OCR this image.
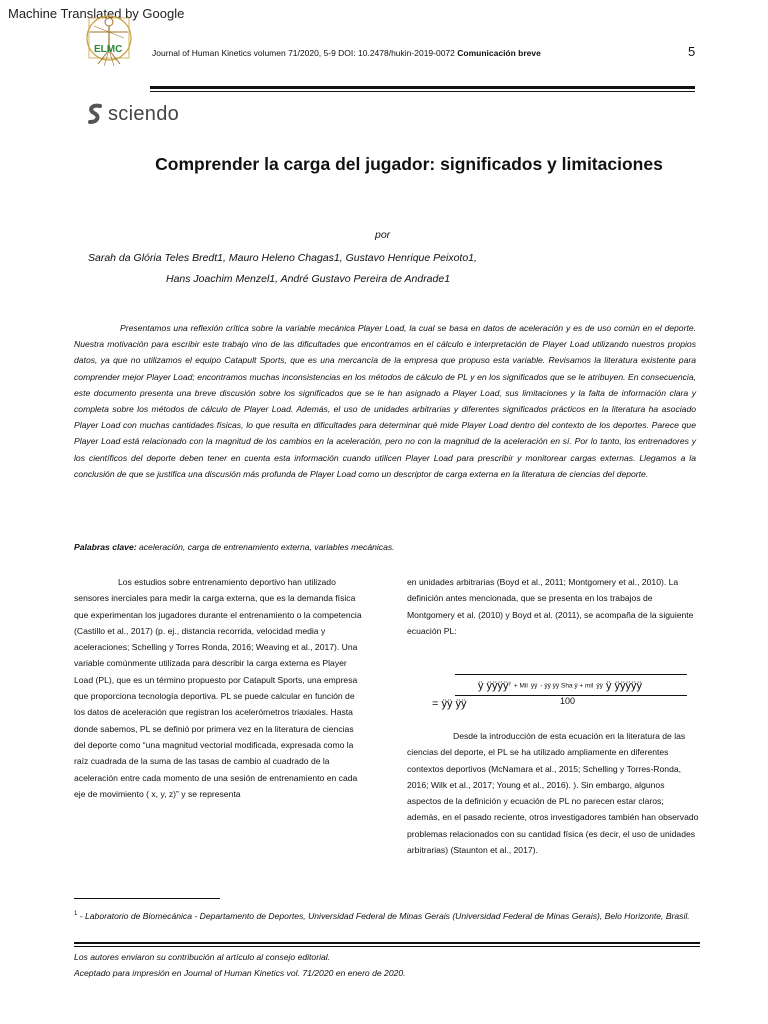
Machine Translated by Google
ELMC	Journal of Human Kinetics volumen 71/2020, 5-9 DOI: 10.2478/hukin-2019-0072 Comunicación breve	5
sciendo
Comprender la carga del jugador: significados y limitaciones
por
Sarah da Glória Teles Bredt1, Mauro Heleno Chagas1, Gustavo Henrique Peixoto1,
Hans Joachim Menzel1, André Gustavo Pereira de Andrade1
Presentamos una reflexión crítica sobre la variable mecánica Player Load, la cual se basa en datos de aceleración y es de uso común en el deporte. Nuestra motivación para escribir este trabajo vino de las dificultades que encontramos en el cálculo e interpretación de Player Load utilizando nuestros propios datos, ya que no utilizamos el equipo Catapult Sports, que es una mercancía de la empresa que propuso esta variable. Revisamos la literatura existente para comprender mejor Player Load; encontramos muchas inconsistencias en los métodos de cálculo de PL y en los significados que se le atribuyen. En consecuencia, este documento presenta una breve discusión sobre los significados que se le han asignado a Player Load, sus limitaciones y la falta de información clara y completa sobre los métodos de cálculo de Player Load. Además, el uso de unidades arbitrarias y diferentes significados prácticos en la literatura ha asociado Player Load con muchas cantidades físicas, lo que resulta en dificultades para determinar qué mide Player Load dentro del contexto de los deportes. Parece que Player Load está relacionado con la magnitud de los cambios en la aceleración, pero no con la magnitud de la aceleración en sí. Por lo tanto, los entrenadores y los científicos del deporte deben tener en cuenta esta información cuando utilicen Player Load para prescribir y monitorear cargas externas. Llegamos a la conclusión de que se justifica una discusión más profunda de Player Load como un descriptor de carga externa en la literatura de ciencias del deporte.
Palabras clave: aceleración, carga de entrenamiento externa, variables mecánicas.
Los estudios sobre entrenamiento deportivo han utilizado sensores inerciales para medir la carga externa, que es la demanda física que experimentan los jugadores durante el entrenamiento o la competencia (Castillo et al., 2017) (p. ej., distancia recorrida, velocidad media y aceleraciones; Schelling y Torres Ronda, 2016; Weaving et al., 2017). Una variable comúnmente utilizada para describir la carga externa es Player Load (PL), que es un término propuesto por Catapult Sports, una empresa que proporciona tecnología deportiva. PL se puede calcular en función de los datos de aceleración que registran los acelerómetros triaxiales. Hasta donde sabemos, PL se definió por primera vez en la literatura de ciencias del deporte como “una magnitud vectorial modificada, expresada como la raíz cuadrada de la suma de las tasas de cambio al cuadrado de la aceleración entre cada momento de una sesión de entrenamiento en cada eje de movimiento ( x, y, z)” y se representa
en unidades arbitrarias (Boyd et al., 2011; Montgomery et al., 2010). La definición antes mencionada, que se presenta en los trabajos de Montgomery et al. (2010) y Boyd et al. (2011), se acompaña de la siguiente ecuación PL:
ÿ ÿÿÿÿ$^ÿ$ + Mil ÿÿ - ÿÿ ÿÿ Sha ÿ + mil ÿÿ ÿ ÿÿÿÿÿ
100
= ÿÿ ÿÿ
Desde la introducción de esta ecuación en la literatura de las ciencias del deporte, el PL se ha utilizado ampliamente en diferentes contextos deportivos (McNamara et al., 2015; Schelling y Torres-Ronda, 2016; Wilk et al., 2017; Young et al., 2016). ). Sin embargo, algunos aspectos de la definición y ecuación de PL no parecen estar claros; además, en el pasado reciente, otros investigadores también han observado problemas relacionados con su cantidad física (es decir, el uso de unidades arbitrarias) (Staunton et al., 2017).
$^1$ - Laboratorio de Biomecánica - Departamento de Deportes, Universidad Federal de Minas Gerais (Universidad Federal de Minas Gerais), Belo Horizonte, Brasil.
Los autores enviaron su contribución al artículo al consejo editorial.
Aceptado para impresión en Journal of Human Kinetics vol. 71/2020 en enero de 2020.
